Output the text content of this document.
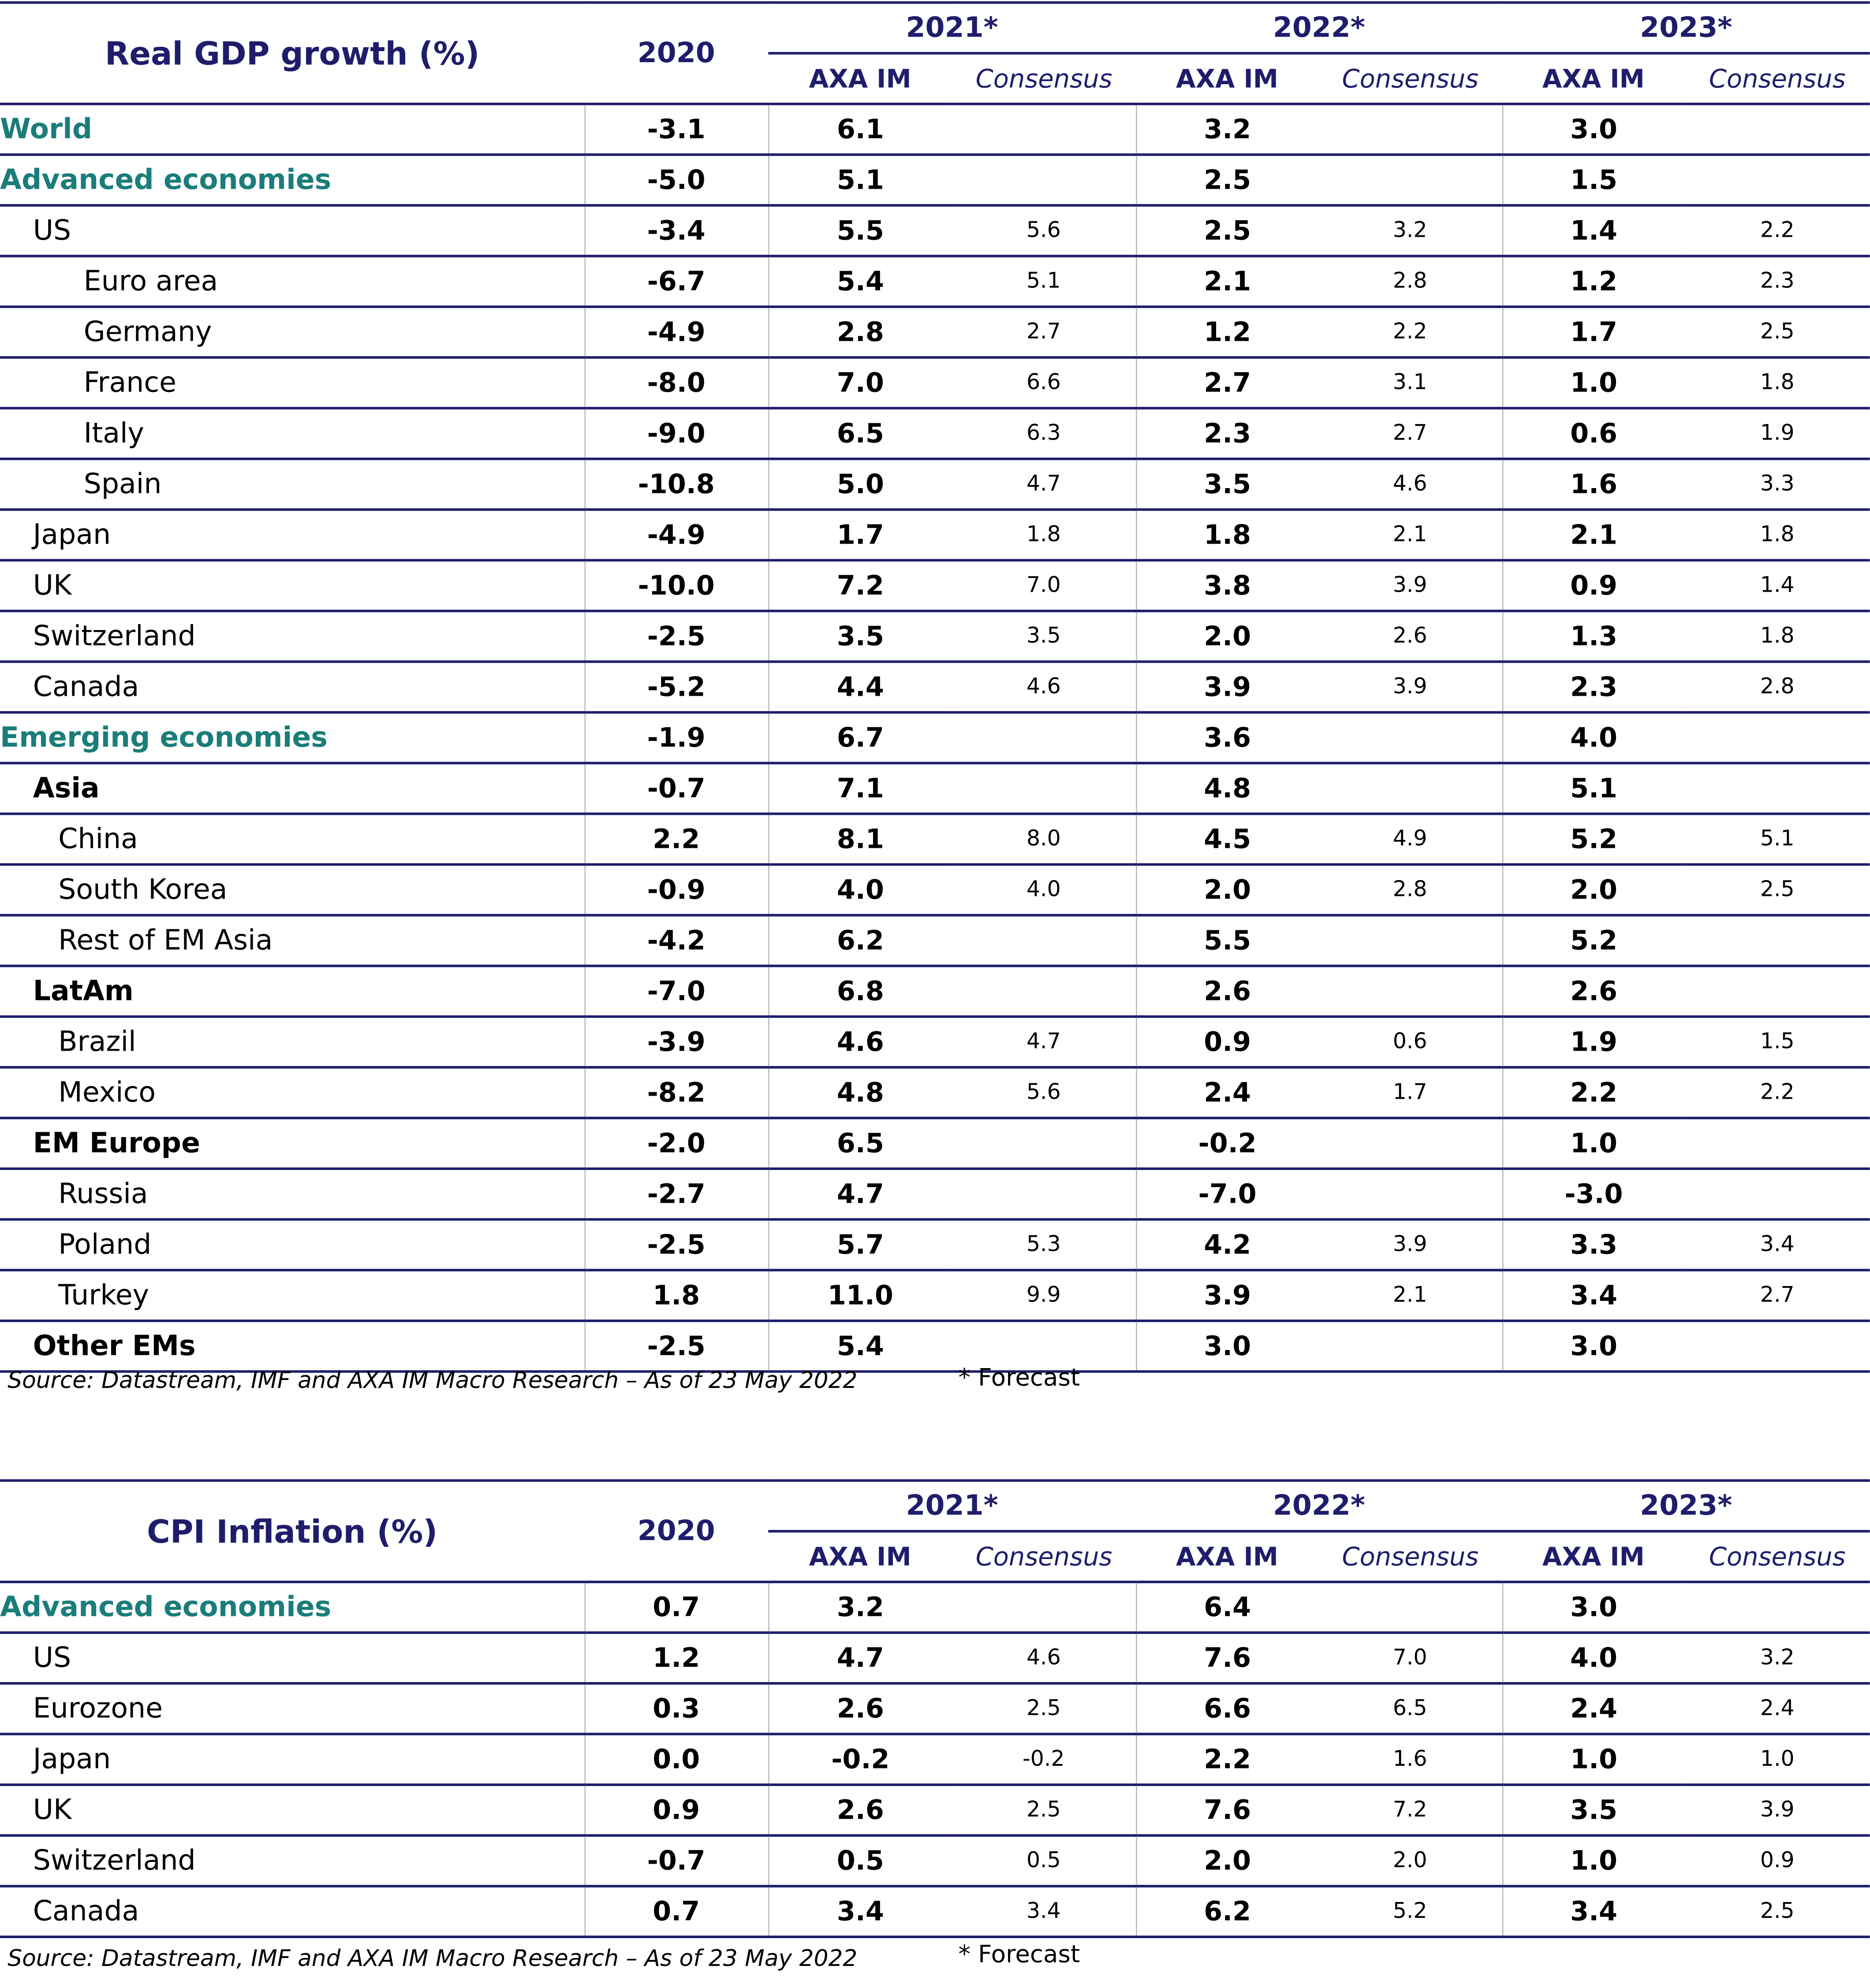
Real GDP growth (%)	2020	2021*		2022*		2023*	
		AXA IM	Consensus	AXA IM	Consensus	AXA IM	Consensus
World	-3.1	6.1		3.2		3.0	
Advanced economies	-5.0	5.1		2.5		1.5	
US	-3.4	5.5	5.6	2.5	3.2	1.4	2.2
Euro area	-6.7	5.4	5.1	2.1	2.8	1.2	2.3
Germany	-4.9	2.8	2.7	1.2	2.2	1.7	2.5
France	-8.0	7.0	6.6	2.7	3.1	1.0	1.8
Italy	-9.0	6.5	6.3	2.3	2.7	0.6	1.9
Spain	-10.8	5.0	4.7	3.5	4.6	1.6	3.3
Japan	-4.9	1.7	1.8	1.8	2.1	2.1	1.8
UK	-10.0	7.2	7.0	3.8	3.9	0.9	1.4
Switzerland	-2.5	3.5	3.5	2.0	2.6	1.3	1.8
Canada	-5.2	4.4	4.6	3.9	3.9	2.3	2.8
Emerging economies	-1.9	6.7		3.6		4.0	
Asia	-0.7	7.1		4.8		5.1	
China	2.2	8.1	8.0	4.5	4.9	5.2	5.1
South Korea	-0.9	4.0	4.0	2.0	2.8	2.0	2.5
Rest of EM Asia	-4.2	6.2		5.5		5.2	
LatAm	-7.0	6.8		2.6		2.6	
Brazil	-3.9	4.6	4.7	0.9	0.6	1.9	1.5
Mexico	-8.2	4.8	5.6	2.4	1.7	2.2	2.2
EM Europe	-2.0	6.5		-0.2		1.0	
Russia	-2.7	4.7		-7.0		-3.0	
Poland	-2.5	5.7	5.3	4.2	3.9	3.3	3.4
Turkey	1.8	11.0	9.9	3.9	2.1	3.4	2.7
Other EMs	-2.5	5.4		3.0		3.0	
Source: Datastream, IMF and AXA IM Macro Research – As of 23 May 2022	* Forecast
CPI Inflation (%)	2020	2021*		2022*		2023*	
		AXA IM	Consensus	AXA IM	Consensus	AXA IM	Consensus
Advanced economies	0.7	3.2		6.4		3.0	
US	1.2	4.7	4.6	7.6	7.0	4.0	3.2
Eurozone	0.3	2.6	2.5	6.6	6.5	2.4	2.4
Japan	0.0	-0.2	-0.2	2.2	1.6	1.0	1.0
UK	0.9	2.6	2.5	7.6	7.2	3.5	3.9
Switzerland	-0.7	0.5	0.5	2.0	2.0	1.0	0.9
Canada	0.7	3.4	3.4	6.2	5.2	3.4	2.5
Source: Datastream, IMF and AXA IM Macro Research – As of 23 May 2022	* Forecast
